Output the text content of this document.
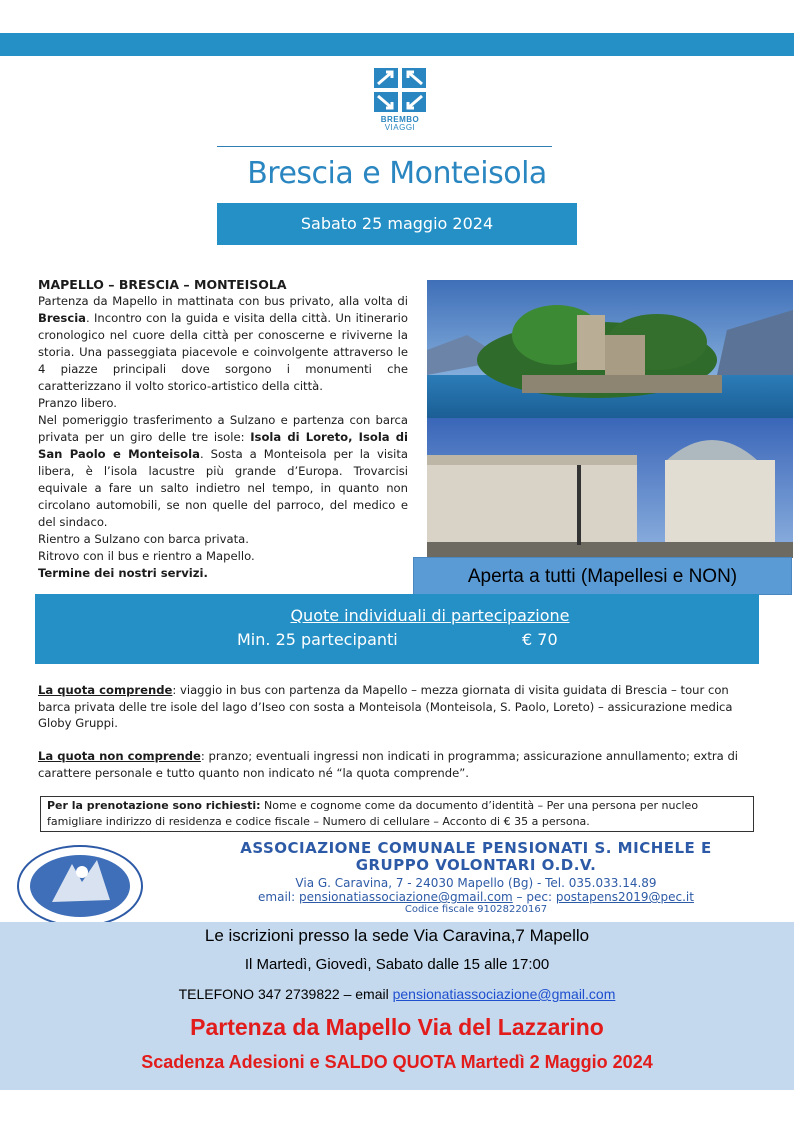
BREMBO
VIAGGI
Brescia e Monteisola
Sabato 25 maggio 2024
MAPELLO – BRESCIA – MONTEISOLA

Partenza da Mapello in mattinata con bus privato, alla volta di Brescia. Incontro con la guida e visita della città. Un itinerario cronologico nel cuore della città per conoscerne e riviverne la storia. Una passeggiata piacevole e coinvolgente attraverso le 4 piazze principali dove sorgono i monumenti che caratterizzano il volto storico-artistico della città.

Pranzo libero.

Nel pomeriggio trasferimento a Sulzano e partenza con barca privata per un giro delle tre isole: Isola di Loreto, Isola di San Paolo e Monteisola. Sosta a Monteisola per la visita libera, è l’isola lacustre più grande d’Europa. Trovarcisi equivale a fare un salto indietro nel tempo, in quanto non circolano automobili, se non quelle del parroco, del medico e del sindaco.

Rientro a Sulzano con barca privata.

Ritrovo con il bus e rientro a Mapello.

Termine dei nostri servizi.	Aperta a tutti (Mapellesi e NON)
Quote individuali di partecipazione
Min. 25 partecipanti	€ 70
La quota comprende: viaggio in bus con partenza da Mapello – mezza giornata di visita guidata di Brescia – tour con barca privata delle tre isole del lago d’Iseo con sosta a Monteisola (Monteisola, S. Paolo, Loreto) – assicurazione medica Globy Gruppi.
La quota non comprende: pranzo; eventuali ingressi non indicati in programma; assicurazione annullamento; extra di carattere personale e tutto quanto non indicato né “la quota comprende”.
Per la prenotazione sono richiesti: Nome e cognome come da documento d’identità – Per una persona per nucleo famigliare indirizzo di residenza e codice fiscale – Numero di cellulare – Acconto di € 35 a persona.
ASSOCIAZIONE COMUNALE PENSIONATI S. MICHELE E
GRUPPO VOLONTARI O.D.V.
Via G. Caravina, 7 - 24030 Mapello (Bg) - Tel. 035.033.14.89
email: pensionatiassociazione@gmail.com – pec: postapens2019@pec.it
Codice fiscale 91028220167
Le iscrizioni presso la sede Via Caravina,7 Mapello
Il Martedì, Giovedì, Sabato dalle 15 alle 17:00
TELEFONO 347 2739822 – email pensionatiassociazione@gmail.com
Partenza da Mapello Via del Lazzarino
Scadenza Adesioni e SALDO QUOTA Martedì 2 Maggio 2024
